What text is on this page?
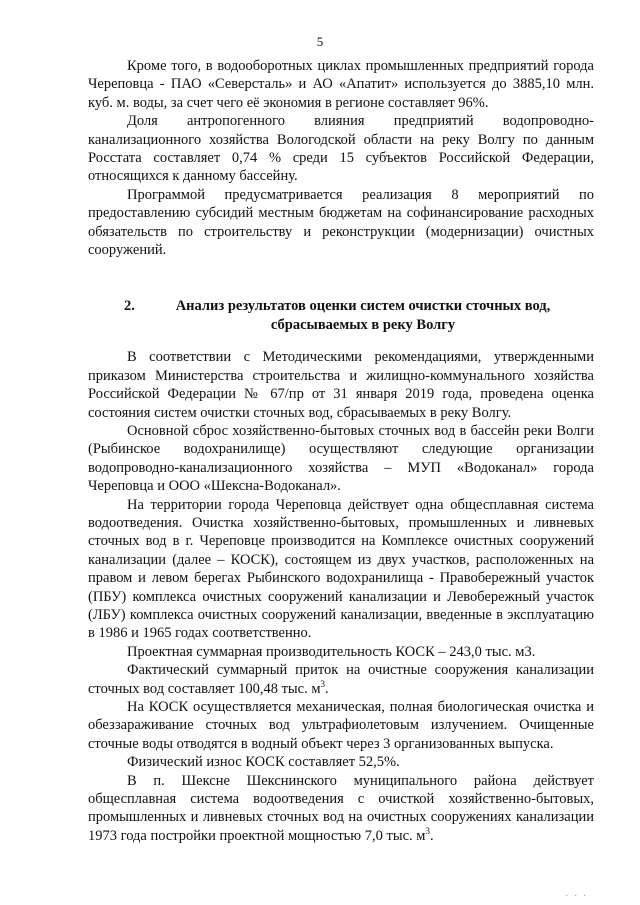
5

Кроме того, в водооборотных циклах промышленных предприятий города Череповца - ПАО «Северсталь» и АО «Апатит» используется до 3885,10 млн. куб. м. воды, за счет чего её экономия в регионе составляет 96%.

Доля антропогенного влияния предприятий водопроводно-канализационного хозяйства Вологодской области на реку Волгу по данным Росстата составляет 0,74 % среди 15 субъектов Российской Федерации, относящихся к данному бассейну.

Программой предусматривается реализация 8 мероприятий по предоставлению субсидий местным бюджетам на софинансирование расходных обязательств по строительству и реконструкции (модернизации) очистных сооружений.

2.	Анализ результатов оценки систем очистки сточных вод,
сбрасываемых в реку Волгу

В соответствии с Методическими рекомендациями, утвержденными приказом Министерства строительства и жилищно-коммунального хозяйства Российской Федерации № 67/пр от 31 января 2019 года, проведена оценка состояния систем очистки сточных вод, сбрасываемых в реку Волгу.

Основной сброс хозяйственно-бытовых сточных вод в бассейн реки Волги (Рыбинское водохранилище) осуществляют следующие организации водопроводно-канализационного хозяйства – МУП «Водоканал» города Череповца и ООО «Шексна-Водоканал».

На территории города Череповца действует одна общесплавная система водоотведения. Очистка хозяйственно-бытовых, промышленных и ливневых сточных вод в г. Череповце производится на Комплексе очистных сооружений канализации (далее – КОСК), состоящем из двух участков, расположенных на правом и левом берегах Рыбинского водохранилища - Правобережный участок (ПБУ) комплекса очистных сооружений канализации и Левобережный участок (ЛБУ) комплекса очистных сооружений канализации, введенные в эксплуатацию в 1986 и 1965 годах соответственно.

Проектная суммарная производительность КОСК – 243,0 тыс. м3.

Фактический суммарный приток на очистные сооружения канализации сточных вод составляет 100,48 тыс. $м^3$.

На КОСК осуществляется механическая, полная биологическая очистка и обеззараживание сточных вод ультрафиолетовым излучением. Очищенные сточные воды отводятся в водный объект через 3 организованных выпуска.

Физический износ КОСК составляет 52,5%.

В п. Шексне Шекснинского муниципального района действует общесплавная система водоотведения с очисткой хозяйственно-бытовых, промышленных и ливневых сточных вод на очистных сооружениях канализации 1973 года постройки проектной мощностью 7,0 тыс. $м^3$.

. . .
